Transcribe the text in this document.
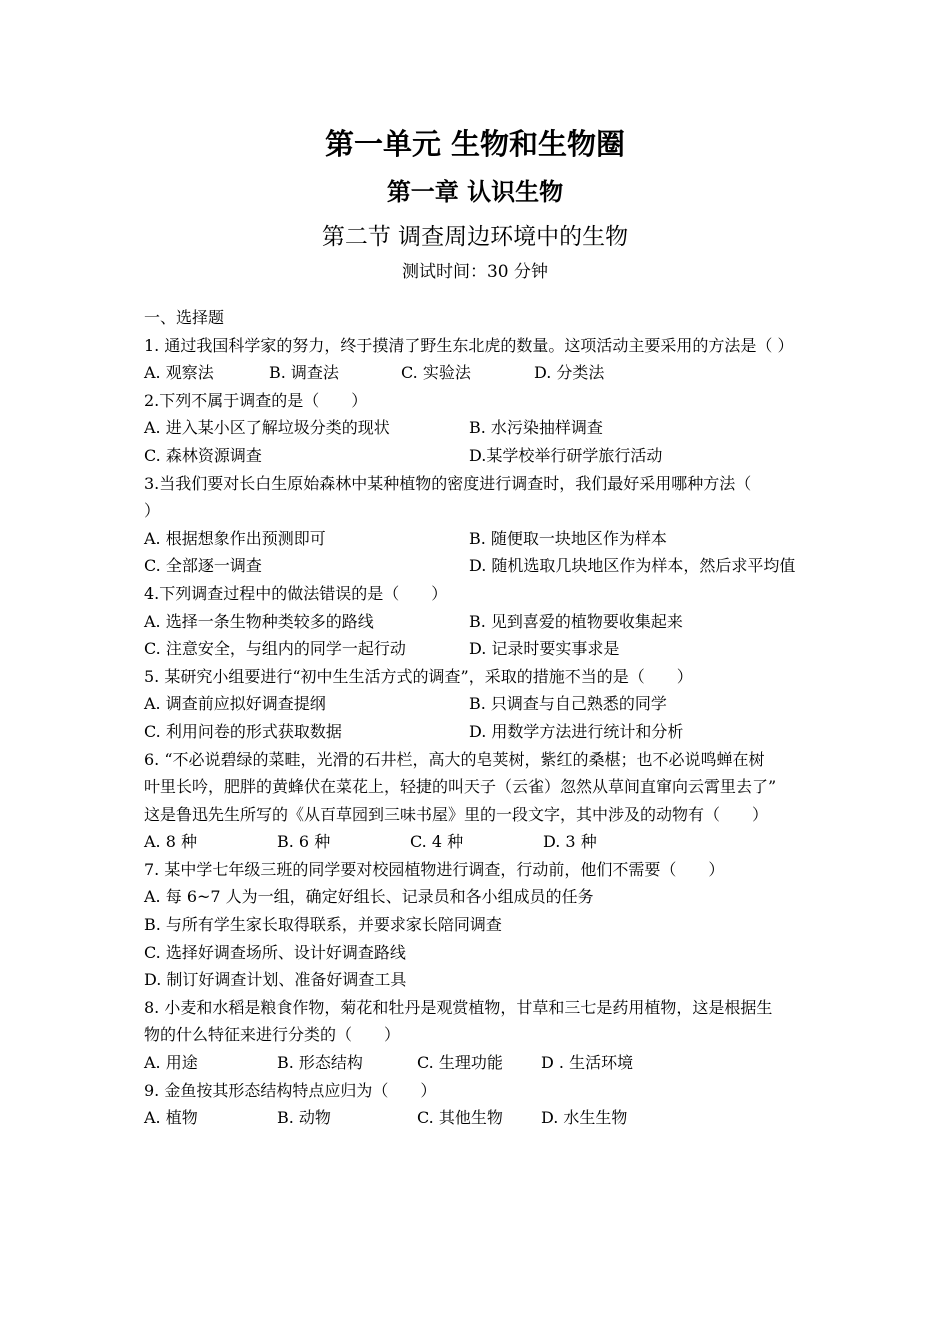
第一单元 生物和生物圈
第一章 认识生物
第二节 调查周边环境中的生物
测试时间：30 分钟
一、选择题
1. 通过我国科学家的努力，终于摸清了野生东北虎的数量。这项活动主要采用的方法是（ ）
A. 观察法	B. 调查法	C. 实验法	D. 分类法
2.下列不属于调查的是（　　）
A. 进入某小区了解垃圾分类的现状	B. 水污染抽样调查
C. 森林资源调查	D.某学校举行研学旅行活动
3.当我们要对长白生原始森林中某种植物的密度进行调查时，我们最好采用哪种方法（
）
A. 根据想象作出预测即可	B. 随便取一块地区作为样本
C. 全部逐一调查	D. 随机选取几块地区作为样本，然后求平均值
4.下列调查过程中的做法错误的是（　　）
A. 选择一条生物种类较多的路线	B. 见到喜爱的植物要收集起来
C. 注意安全，与组内的同学一起行动	D. 记录时要实事求是
5. 某研究小组要进行“初中生生活方式的调查”，采取的措施不当的是（　　）
A. 调查前应拟好调查提纲	B. 只调查与自己熟悉的同学
C. 利用问卷的形式获取数据	D. 用数学方法进行统计和分析
6. “不必说碧绿的菜畦，光滑的石井栏，高大的皂荚树，紫红的桑椹；也不必说鸣蝉在树
叶里长吟，肥胖的黄蜂伏在菜花上，轻捷的叫天子（云雀）忽然从草间直窜向云霄里去了”
这是鲁迅先生所写的《从百草园到三味书屋》里的一段文字，其中涉及的动物有（　　）
A. 8 种	B. 6 种	C. 4 种	D. 3 种
7. 某中学七年级三班的同学要对校园植物进行调查，行动前，他们不需要（　　）
A. 每 6~7 人为一组，确定好组长、记录员和各小组成员的任务
B. 与所有学生家长取得联系，并要求家长陪同调查
C. 选择好调查场所、设计好调查路线
D. 制订好调查计划、准备好调查工具
8. 小麦和水稻是粮食作物，菊花和牡丹是观赏植物，甘草和三七是药用植物，这是根据生
物的什么特征来进行分类的（　　）
A. 用途	B. 形态结构	C. 生理功能 D . 生活环境
9. 金鱼按其形态结构特点应归为（　　）
A. 植物	B. 动物	C. 其他生物 D. 水生生物
